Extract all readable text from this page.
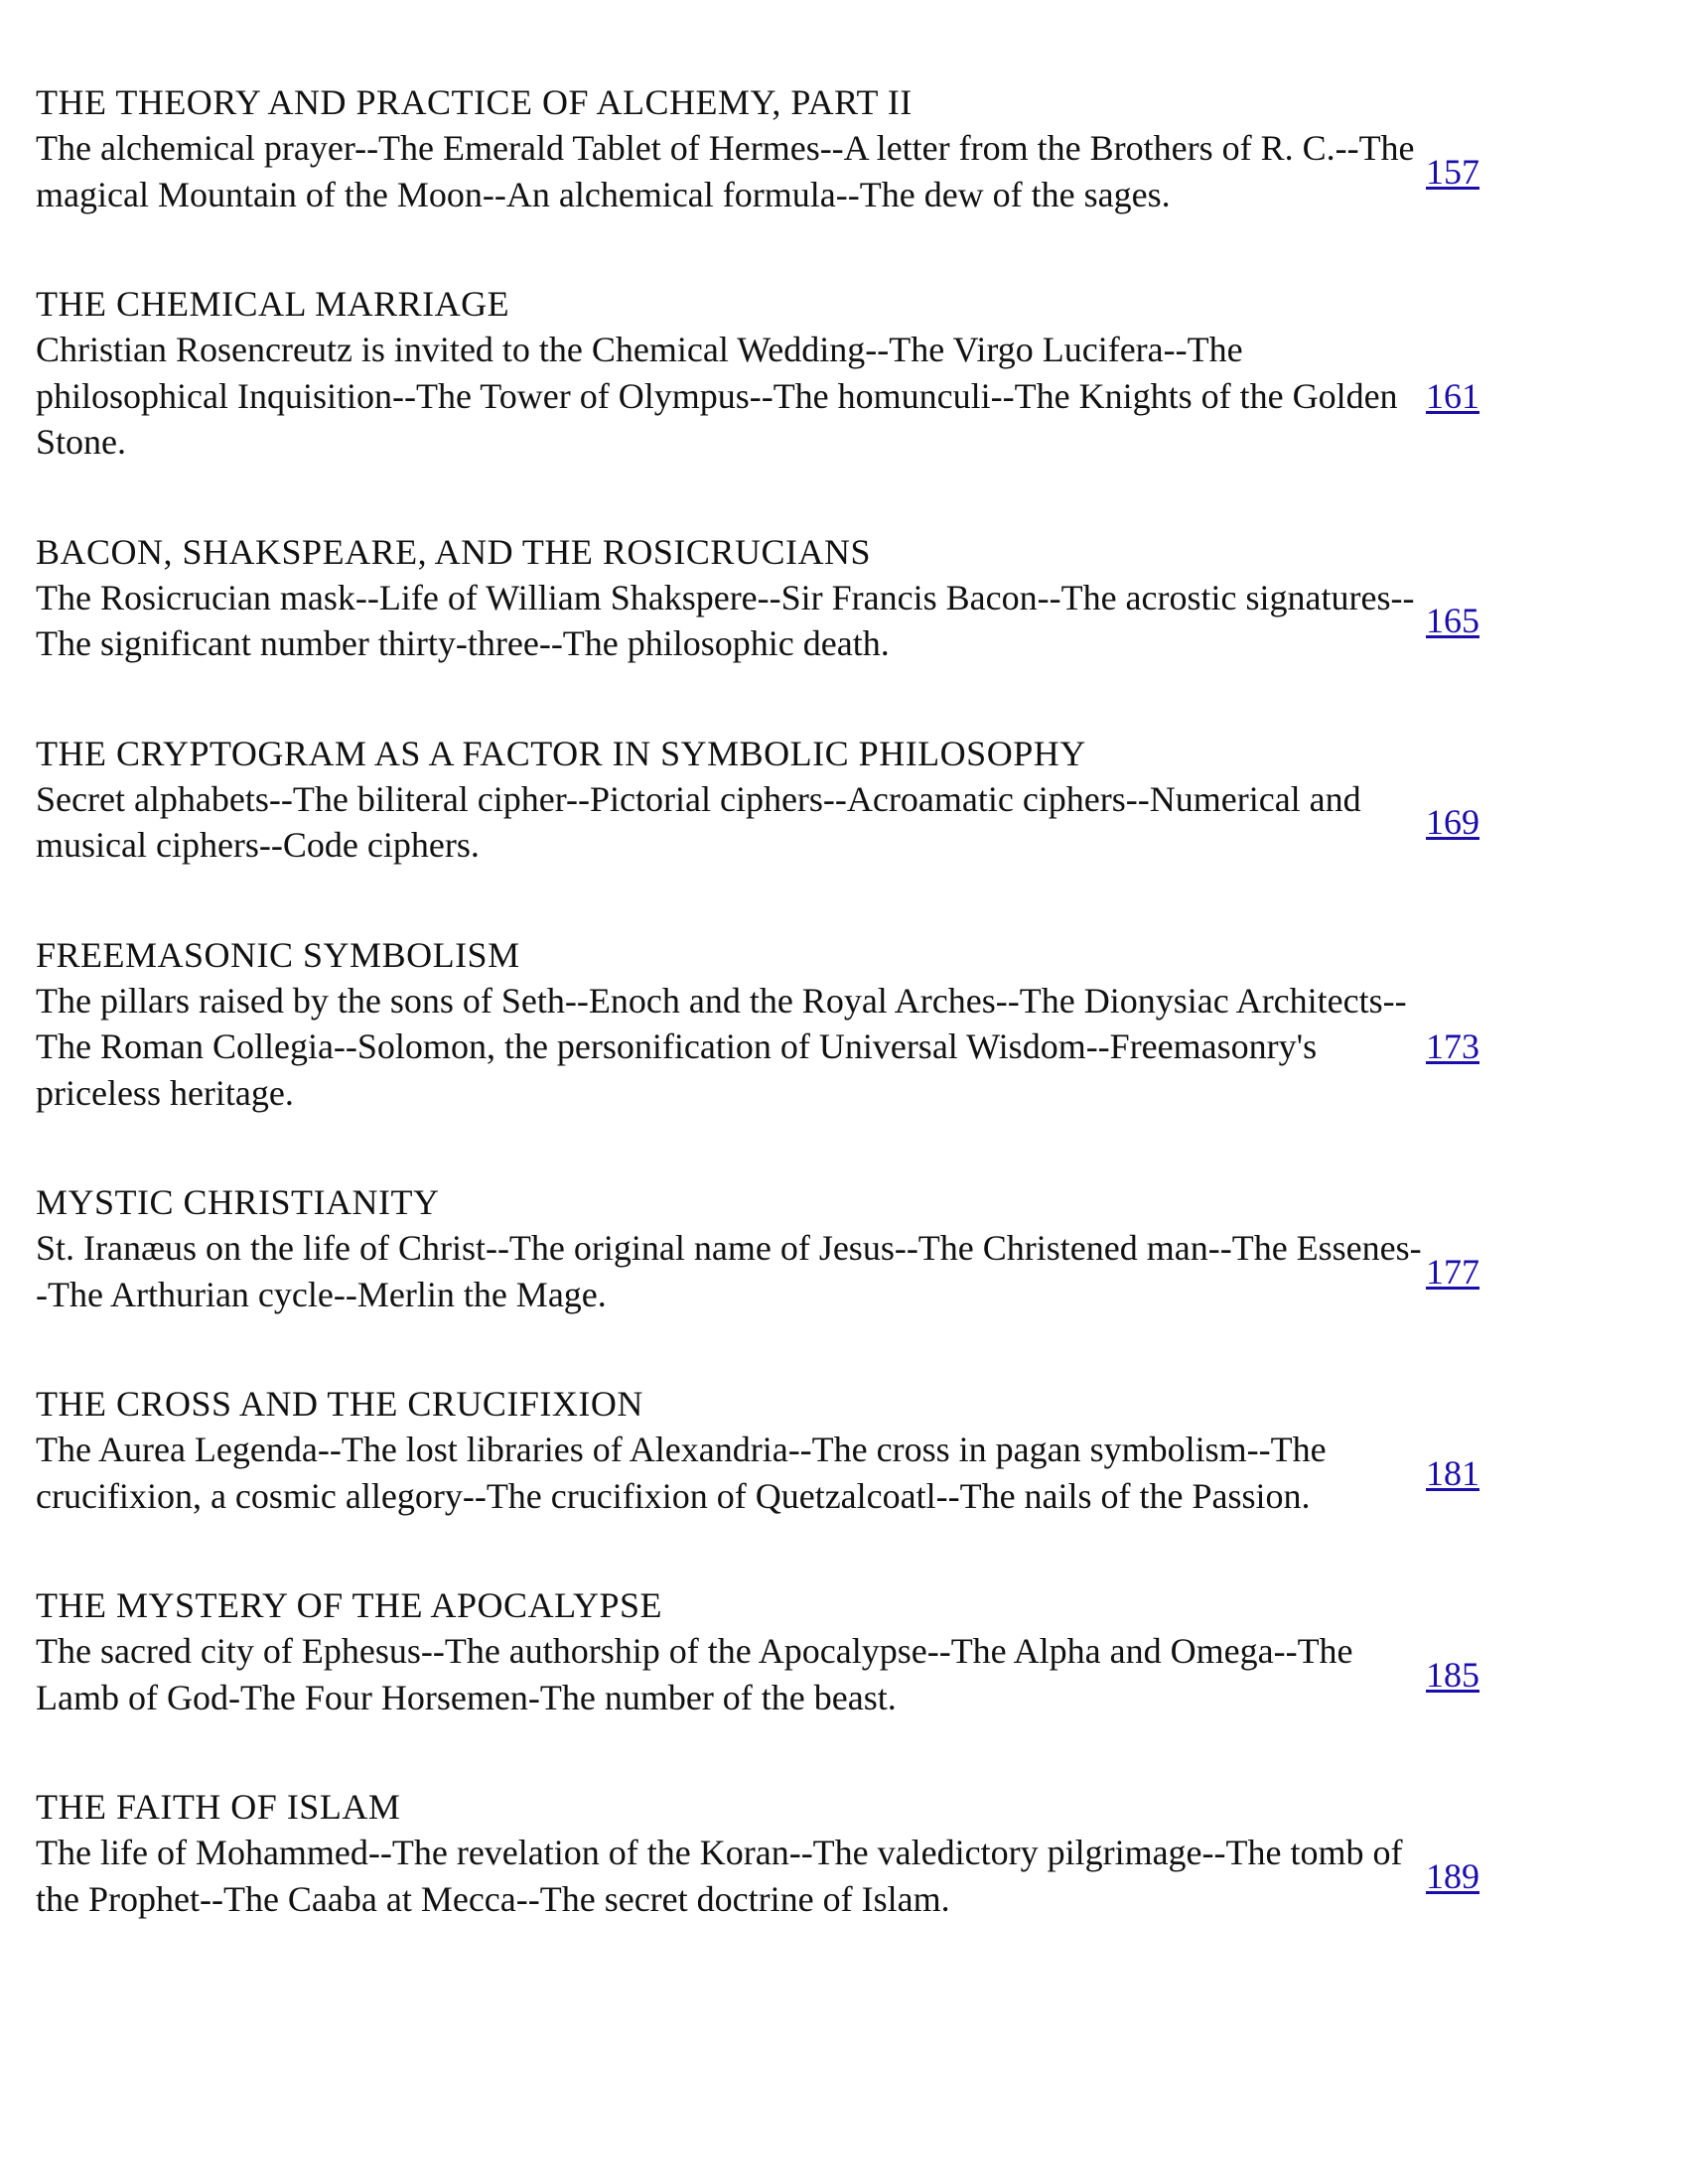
THE THEORY AND PRACTICE OF ALCHEMY, PART II
The alchemical prayer--The Emerald Tablet of Hermes--A letter from the Brothers of R. C.--The magical Mountain of the Moon--An alchemical formula--The dew of the sages.
157
THE CHEMICAL MARRIAGE
Christian Rosencreutz is invited to the Chemical Wedding--The Virgo Lucifera--The philosophical Inquisition--The Tower of Olympus--The homunculi--The Knights of the Golden Stone.
161
BACON, SHAKSPEARE, AND THE ROSICRUCIANS
The Rosicrucian mask--Life of William Shakspere--Sir Francis Bacon--The acrostic signatures--The significant number thirty-three--The philosophic death.
165
THE CRYPTOGRAM AS A FACTOR IN SYMBOLIC PHILOSOPHY
Secret alphabets--The biliteral cipher--Pictorial ciphers--Acroamatic ciphers--Numerical and musical ciphers--Code ciphers.
169
FREEMASONIC SYMBOLISM
The pillars raised by the sons of Seth--Enoch and the Royal Arches--The Dionysiac Architects--The Roman Collegia--Solomon, the personification of Universal Wisdom--Freemasonry's priceless heritage.
173
MYSTIC CHRISTIANITY
St. Iranæus on the life of Christ--The original name of Jesus--The Christened man--The Essenes--The Arthurian cycle--Merlin the Mage.
177
THE CROSS AND THE CRUCIFIXION
The Aurea Legenda--The lost libraries of Alexandria--The cross in pagan symbolism--The crucifixion, a cosmic allegory--The crucifixion of Quetzalcoatl--The nails of the Passion.
181
THE MYSTERY OF THE APOCALYPSE
The sacred city of Ephesus--The authorship of the Apocalypse--The Alpha and Omega--The Lamb of God-The Four Horsemen-The number of the beast.
185
THE FAITH OF ISLAM
The life of Mohammed--The revelation of the Koran--The valedictory pilgrimage--The tomb of the Prophet--The Caaba at Mecca--The secret doctrine of Islam.
189
